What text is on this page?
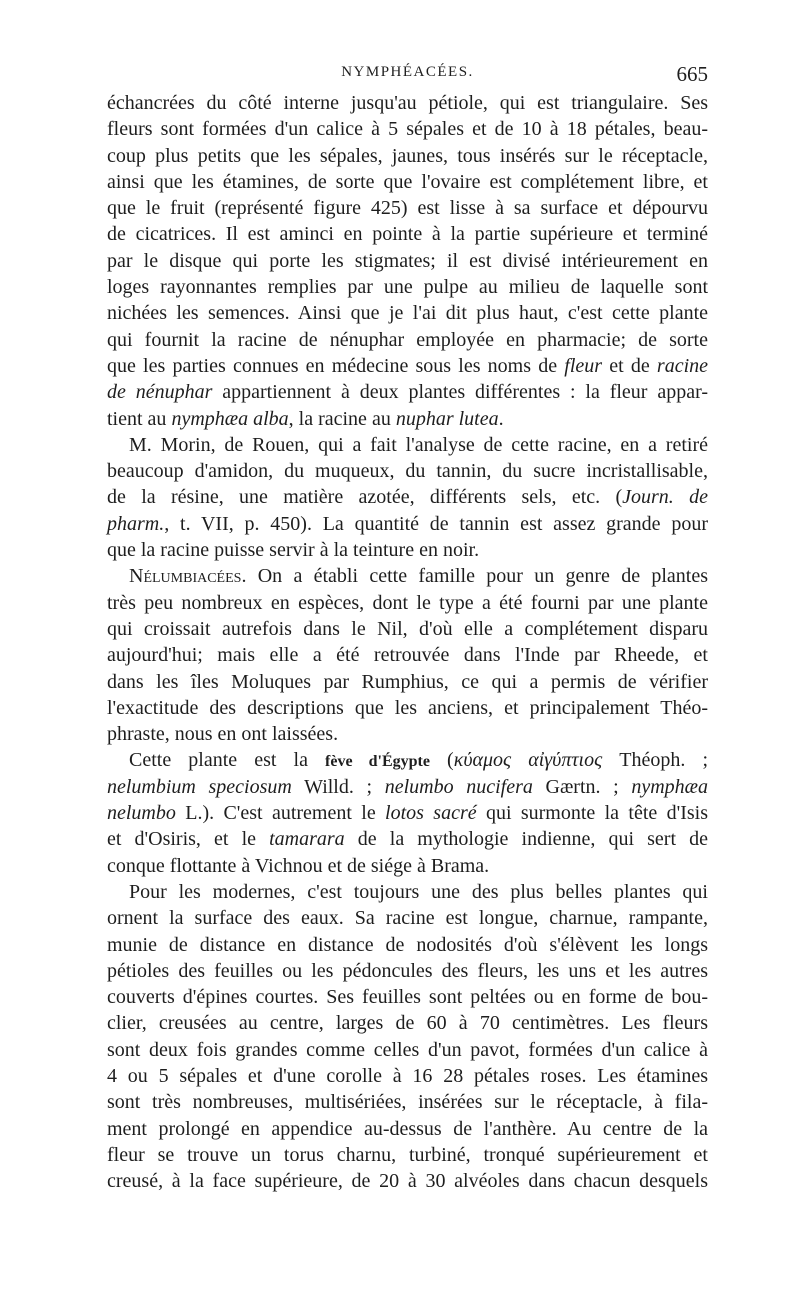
NYMPHÉACÉES.	665
échancrées du côté interne jusqu'au pétiole, qui est triangulaire. Ses
fleurs sont formées d'un calice à 5 sépales et de 10 à 18 pétales, beau-
coup plus petits que les sépales, jaunes, tous insérés sur le réceptacle,
ainsi que les étamines, de sorte que l'ovaire est complétement libre, et
que le fruit (représenté figure 425) est lisse à sa surface et dépourvu
de cicatrices. Il est aminci en pointe à la partie supérieure et terminé
par le disque qui porte les stigmates; il est divisé intérieurement en
loges rayonnantes remplies par une pulpe au milieu de laquelle sont
nichées les semences. Ainsi que je l'ai dit plus haut, c'est cette plante
qui fournit la racine de nénuphar employée en pharmacie; de sorte
que les parties connues en médecine sous les noms de fleur et de racine
de nénuphar appartiennent à deux plantes différentes : la fleur appar-
tient au nymphæa alba, la racine au nuphar lutea.
M. Morin, de Rouen, qui a fait l'analyse de cette racine, en a retiré
beaucoup d'amidon, du muqueux, du tannin, du sucre incristallisable,
de la résine, une matière azotée, différents sels, etc. (Journ. de
pharm., t. VII, p. 450). La quantité de tannin est assez grande pour
que la racine puisse servir à la teinture en noir.
Nélumbiacées. On a établi cette famille pour un genre de plantes
très peu nombreux en espèces, dont le type a été fourni par une plante
qui croissait autrefois dans le Nil, d'où elle a complétement disparu
aujourd'hui; mais elle a été retrouvée dans l'Inde par Rheede, et
dans les îles Moluques par Rumphius, ce qui a permis de vérifier
l'exactitude des descriptions que les anciens, et principalement Théo-
phraste, nous en ont laissées.
Cette plante est la fève d'Égypte (κύαμος αἰγύπτιος Théoph. ;
nelumbium speciosum Willd. ; nelumbo nucifera Gærtn. ; nymphæa
nelumbo L.). C'est autrement le lotos sacré qui surmonte la tête d'Isis
et d'Osiris, et le tamarara de la mythologie indienne, qui sert de
conque flottante à Vichnou et de siége à Brama.
Pour les modernes, c'est toujours une des plus belles plantes qui
ornent la surface des eaux. Sa racine est longue, charnue, rampante,
munie de distance en distance de nodosités d'où s'élèvent les longs
pétioles des feuilles ou les pédoncules des fleurs, les uns et les autres
couverts d'épines courtes. Ses feuilles sont peltées ou en forme de bou-
clier, creusées au centre, larges de 60 à 70 centimètres. Les fleurs
sont deux fois grandes comme celles d'un pavot, formées d'un calice à
4 ou 5 sépales et d'une corolle à 16 28 pétales roses. Les étamines
sont très nombreuses, multisériées, insérées sur le réceptacle, à fila-
ment prolongé en appendice au-dessus de l'anthère. Au centre de la
fleur se trouve un torus charnu, turbiné, tronqué supérieurement et
creusé, à la face supérieure, de 20 à 30 alvéoles dans chacun desquels
